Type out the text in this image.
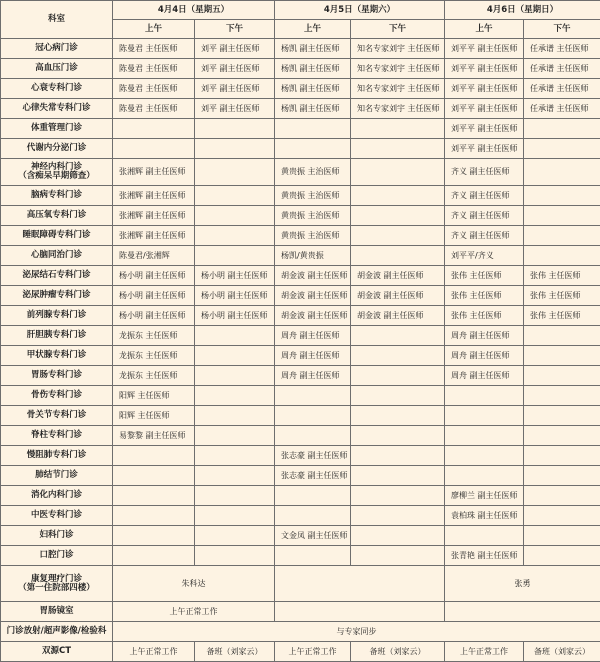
科室	4月4日（星期五）		4月5日（星期六）		4月6日（星期日）	
	上午	下午	上午	下午	上午	下午
冠心病门诊	陈曼君 主任医师	刘平 副主任医师	杨凯 副主任医师	知名专家刘宇 主任医师	刘平平 副主任医师	任承谱 主任医师
高血压门诊	陈曼君 主任医师	刘平 副主任医师	杨凯 副主任医师	知名专家刘宇 主任医师	刘平平 副主任医师	任承谱 主任医师
心衰专科门诊	陈曼君 主任医师	刘平 副主任医师	杨凯 副主任医师	知名专家刘宇 主任医师	刘平平 副主任医师	任承谱 主任医师
心律失常专科门诊	陈曼君 主任医师	刘平 副主任医师	杨凯 副主任医师	知名专家刘宇 主任医师	刘平平 副主任医师	任承谱 主任医师
体重管理门诊					刘平平 副主任医师	
代谢内分泌门诊					刘平平 副主任医师	
神经内科门诊
（含痴呆早期筛查）	张湘辉 副主任医师		黄贵振 主治医师		齐义 副主任医师	
脑病专科门诊	张湘辉 副主任医师		黄贵振 主治医师		齐义 副主任医师	
高压氧专科门诊	张湘辉 副主任医师		黄贵振 主治医师		齐义 副主任医师	
睡眠障碍专科门诊	张湘辉 副主任医师		黄贵振 主治医师		齐义 副主任医师	
心脑同治门诊	陈曼君/张湘辉		杨凯/黄贵振		刘平平/齐义	
泌尿结石专科门诊	杨小明 副主任医师	杨小明 副主任医师	胡金波 副主任医师	胡金波 副主任医师	张伟 主任医师	张伟 主任医师
泌尿肿瘤专科门诊	杨小明 副主任医师	杨小明 副主任医师	胡金波 副主任医师	胡金波 副主任医师	张伟 主任医师	张伟 主任医师
前列腺专科门诊	杨小明 副主任医师	杨小明 副主任医师	胡金波 副主任医师	胡金波 副主任医师	张伟 主任医师	张伟 主任医师
肝胆胰专科门诊	龙振东 主任医师		周舟 副主任医师		周舟 副主任医师	
甲状腺专科门诊	龙振东 主任医师		周舟 副主任医师		周舟 副主任医师	
胃肠专科门诊	龙振东 主任医师		周舟 副主任医师		周舟 副主任医师	
骨伤专科门诊	阳辉 主任医师					
骨关节专科门诊	阳辉 主任医师					
脊柱专科门诊	易黎黎 副主任医师					
慢阻肺专科门诊			张志豪 副主任医师			
肺结节门诊			张志豪 副主任医师			
消化内科门诊					廖柳兰 副主任医师	
中医专科门诊					袁柏珠 副主任医师	
妇科门诊			文金凤 副主任医师			
口腔门诊					张青艳 副主任医师	
康复理疗门诊
（第一住院部四楼）	朱科达				张勇	
胃肠镜室	上午正常工作					
门诊放射/超声影像/检验科	与专家同步					
双源CT	上午正常工作	备班（刘家云）	上午正常工作	备班（刘家云）	上午正常工作	备班（刘家云）
